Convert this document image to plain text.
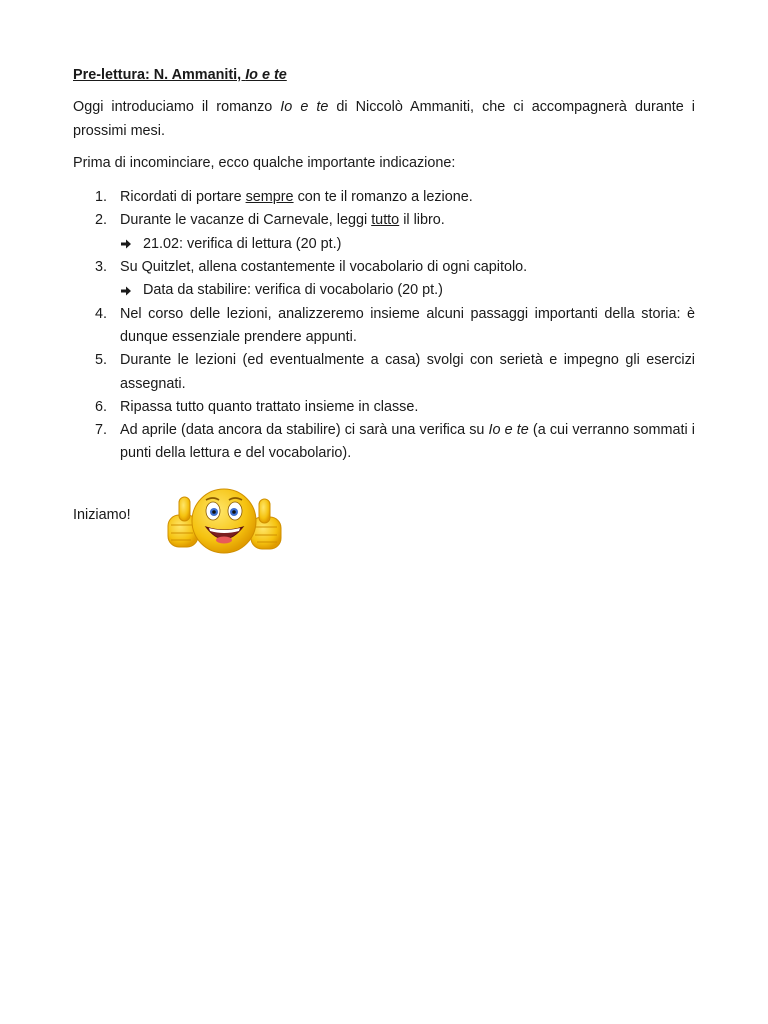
Pre-lettura: N. Ammaniti, Io e te

Oggi introduciamo il romanzo Io e te di Niccolò Ammaniti, che ci accompagnerà durante i prossimi mesi.

Prima di incominciare, ecco qualche importante indicazione:

1. Ricordati di portare sempre con te il romanzo a lezione.
2. Durante le vacanze di Carnevale, leggi tutto il libro.
21.02: verifica di lettura (20 pt.)
3. Su Quitzlet, allena costantemente il vocabolario di ogni capitolo.
Data da stabilire: verifica di vocabolario (20 pt.)
4. Nel corso delle lezioni, analizzeremo insieme alcuni passaggi importanti della storia: è dunque essenziale prendere appunti.
5. Durante le lezioni (ed eventualmente a casa) svolgi con serietà e impegno gli esercizi assegnati.
6. Ripassa tutto quanto trattato insieme in classe.
7. Ad aprile (data ancora da stabilire) ci sarà una verifica su Io e te (a cui verranno sommati i punti della lettura e del vocabolario).
Iniziamo!
